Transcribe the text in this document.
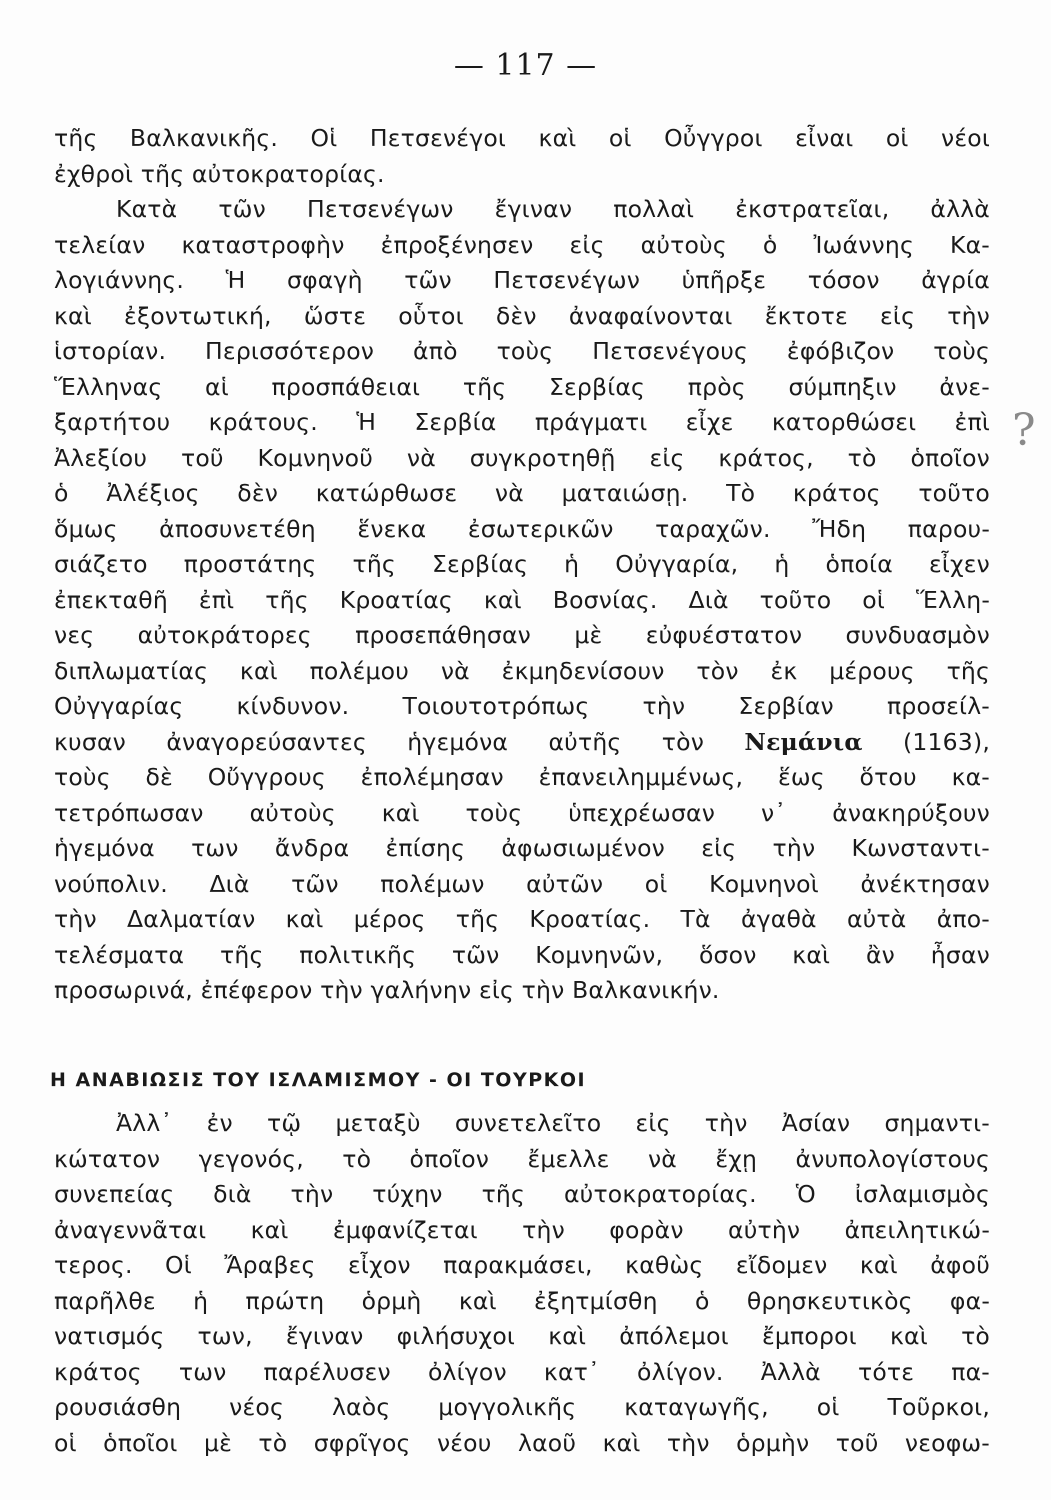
— 117 —
τῆς Βαλκανικῆς. Οἱ Πετσενέγοι καὶ οἱ Οὖγγροι εἶναι οἱ νέοι
ἐχθροὶ τῆς αὐτοκρατορίας.
Κατὰ τῶν Πετσενέγων ἔγιναν πολλαὶ ἐκστρατεῖαι, ἀλλὰ
τελείαν καταστροφὴν ἐπροξένησεν εἰς αὐτοὺς ὁ Ἰωάννης Κα-
λογιάννης. Ἡ σφαγὴ τῶν Πετσενέγων ὑπῆρξε τόσον ἀγρία
καὶ ἐξοντωτική, ὥστε οὗτοι δὲν ἀναφαίνονται ἔκτοτε εἰς τὴν
ἱστορίαν. Περισσότερον ἀπὸ τοὺς Πετσενέγους ἐφόβιζον τοὺς
Ἕλληνας αἱ προσπάθειαι τῆς Σερβίας πρὸς σύμπηξιν ἀνε-
ξαρτήτου κράτους. Ἡ Σερβία πράγματι εἶχε κατορθώσει ἐπὶ
Ἀλεξίου τοῦ Κομνηνοῦ νὰ συγκροτηθῇ εἰς κράτος, τὸ ὁποῖον
ὁ Ἀλέξιος δὲν κατώρθωσε νὰ ματαιώσῃ. Τὸ κράτος τοῦτο
ὅμως ἀποσυνετέθη ἕνεκα ἐσωτερικῶν ταραχῶν. Ἤδη παρου-
σιάζετο προστάτης τῆς Σερβίας ἡ Οὐγγαρία, ἡ ὁποία εἶχεν
ἐπεκταθῆ ἐπὶ τῆς Κροατίας καὶ Βοσνίας. Διὰ τοῦτο οἱ Ἕλλη-
νες αὐτοκράτορες προσεπάθησαν μὲ εὐφυέστατον συνδυασμὸν
διπλωματίας καὶ πολέμου νὰ ἐκμηδενίσουν τὸν ἐκ μέρους τῆς
Οὐγγαρίας κίνδυνον. Τοιουτοτρόπως τὴν Σερβίαν προσείλ-
κυσαν ἀναγορεύσαντες ἡγεμόνα αὐτῆς τὸν Νεμάνια (1163),
τοὺς δὲ Οὔγγρους ἐπολέμησαν ἐπανειλημμένως, ἕως ὅτου κα-
τετρόπωσαν αὐτοὺς καὶ τοὺς ὑπεχρέωσαν ν᾿ ἀνακηρύξουν
ἡγεμόνα των ἄνδρα ἐπίσης ἀφωσιωμένον εἰς τὴν Κωνσταντι-
νούπολιν. Διὰ τῶν πολέμων αὐτῶν οἱ Κομνηνοὶ ἀνέκτησαν
τὴν Δαλματίαν καὶ μέρος τῆς Κροατίας. Τὰ ἀγαθὰ αὐτὰ ἀπο-
τελέσματα τῆς πολιτικῆς τῶν Κομνηνῶν, ὅσον καὶ ἂν ἦσαν
προσωρινά, ἐπέφερον τὴν γαλήνην εἰς τὴν Βαλκανικήν.
Η ΑΝΑΒΙΩΣΙΣ ΤΟΥ ΙΣΛΑΜΙΣΜΟΥ - ΟΙ ΤΟΥΡΚΟΙ
Ἀλλ᾿ ἐν τῷ μεταξὺ συνετελεῖτο εἰς τὴν Ἀσίαν σημαντι-
κώτατον γεγονός, τὸ ὁποῖον ἔμελλε νὰ ἔχῃ ἀνυπολογίστους
συνεπείας διὰ τὴν τύχην τῆς αὐτοκρατορίας. Ὁ ἰσλαμισμὸς
ἀναγεννᾶται καὶ ἐμφανίζεται τὴν φορὰν αὐτὴν ἀπειλητικώ-
τερος. Οἱ Ἄραβες εἶχον παρακμάσει, καθὼς εἴδομεν καὶ ἀφοῦ
παρῆλθε ἡ πρώτη ὁρμὴ καὶ ἐξητμίσθη ὁ θρησκευτικὸς φα-
νατισμός των, ἔγιναν φιλήσυχοι καὶ ἀπόλεμοι ἔμποροι καὶ τὸ
κράτος των παρέλυσεν ὀλίγον κατ᾿ ὀλίγον. Ἀλλὰ τότε πα-
ρουσιάσθη νέος λαὸς μογγολικῆς καταγωγῆς, οἱ Τοῦρκοι,
οἱ ὁποῖοι μὲ τὸ σφρῖγος νέου λαοῦ καὶ τὴν ὁρμὴν τοῦ νεοφω-
?
